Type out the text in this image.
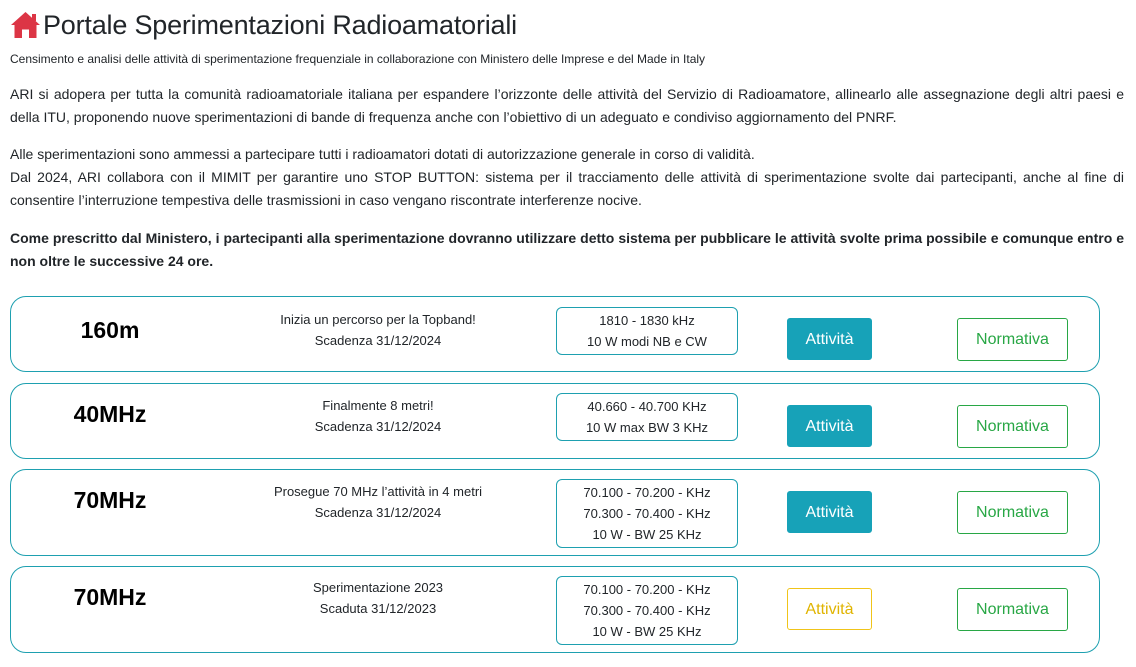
Portale Sperimentazioni Radioamatoriali
Censimento e analisi delle attività di sperimentazione frequenziale in collaborazione con Ministero delle Imprese e del Made in Italy

ARI si adopera per tutta la comunità radioamatoriale italiana per espandere l’orizzonte delle attività del Servizio di Radioamatore, allinearlo alle assegnazione degli altri paesi e della ITU, proponendo nuove sperimentazioni di bande di frequenza anche con l’obiettivo di un adeguato e condiviso aggiornamento del PNRF.

Alle sperimentazioni sono ammessi a partecipare tutti i radioamatori dotati di autorizzazione generale in corso di validità.

Dal 2024, ARI collabora con il MIMIT per garantire uno STOP BUTTON: sistema per il tracciamento delle attività di sperimentazione svolte dai partecipanti, anche al fine di consentire l’interruzione tempestiva delle trasmissioni in caso vengano riscontrate interferenze nocive.

Come prescritto dal Ministero, i partecipanti alla sperimentazione dovranno utilizzare detto sistema per pubblicare le attività svolte prima possibile e comunque entro e non oltre le successive 24 ore.

160m	Inizia un percorso per la Topband!
Scadenza 31/12/2024
1810 - 1830 kHz
10 W modi NB e CW	Attività	Normativa
40MHz	Finalmente 8 metri!
Scadenza 31/12/2024
40.660 - 40.700 KHz
10 W max BW 3 KHz	Attività	Normativa
70MHz	Prosegue 70 MHz l’attività in 4 metri
Scadenza 31/12/2024
70.100 - 70.200 - KHz
70.300 - 70.400 - KHz
10 W - BW 25 KHz
Attività	Normativa
70MHz	Sperimentazione 2023
Scaduta 31/12/2023
70.100 - 70.200 - KHz
70.300 - 70.400 - KHz
10 W - BW 25 KHz
Attività	Normativa
